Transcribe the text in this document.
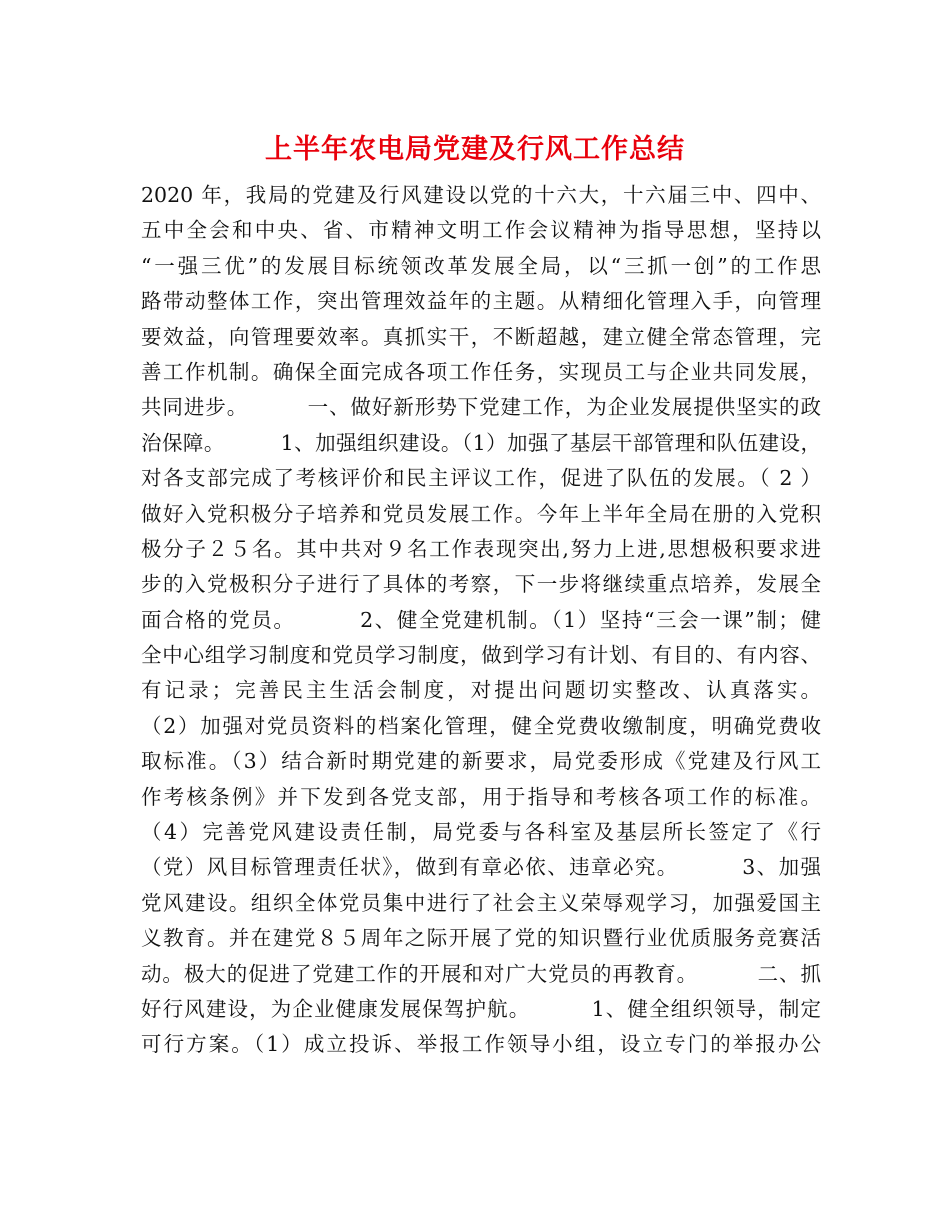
上半年农电局党建及行风工作总结
2020 年，我局的党建及行风建设以党的十六大，十六届三中、四中、
五中全会和中央、省、市精神文明工作会议精神为指导思想，坚持以
“一强三优”的发展目标统领改革发展全局，以“三抓一创”的工作思
路带动整体工作，突出管理效益年的主题。从精细化管理入手，向管理
要效益，向管理要效率。真抓实干，不断超越，建立健全常态管理，完
善工作机制。确保全面完成各项工作任务，实现员工与企业共同发展，
共同进步。        一、做好新形势下党建工作，为企业发展提供坚实的政
治保障。        1、加强组织建设。（1）加强了基层干部管理和队伍建设，
对各支部完成了考核评价和民主评议工作，促进了队伍的发展。（ 2 ）
做好入党积极分子培养和党员发展工作。今年上半年全局在册的入党积
极分子２５名。其中共对９名工作表现突出,努力上进,思想极积要求进
步的入党极积分子进行了具体的考察，下一步将继续重点培养，发展全
面合格的党员。        2、健全党建机制。（1）坚持“三会一课”制；健
全中心组学习制度和党员学习制度，做到学习有计划、有目的、有内容、
有记录；完善民主生活会制度，对提出问题切实整改、认真落实。
（2）加强对党员资料的档案化管理，健全党费收缴制度，明确党费收
取标准。（3）结合新时期党建的新要求，局党委形成《党建及行风工
作考核条例》并下发到各党支部，用于指导和考核各项工作的标准。
（4）完善党风建设责任制，局党委与各科室及基层所长签定了《行
（党）风目标管理责任状》，做到有章必依、违章必究。        3、加强
党风建设。组织全体党员集中进行了社会主义荣辱观学习，加强爱国主
义教育。并在建党８５周年之际开展了党的知识暨行业优质服务竞赛活
动。极大的促进了党建工作的开展和对广大党员的再教育。        二、抓
好行风建设，为企业健康发展保驾护航。        1、健全组织领导，制定
可行方案。（1）成立投诉、举报工作领导小组，设立专门的举报办公
